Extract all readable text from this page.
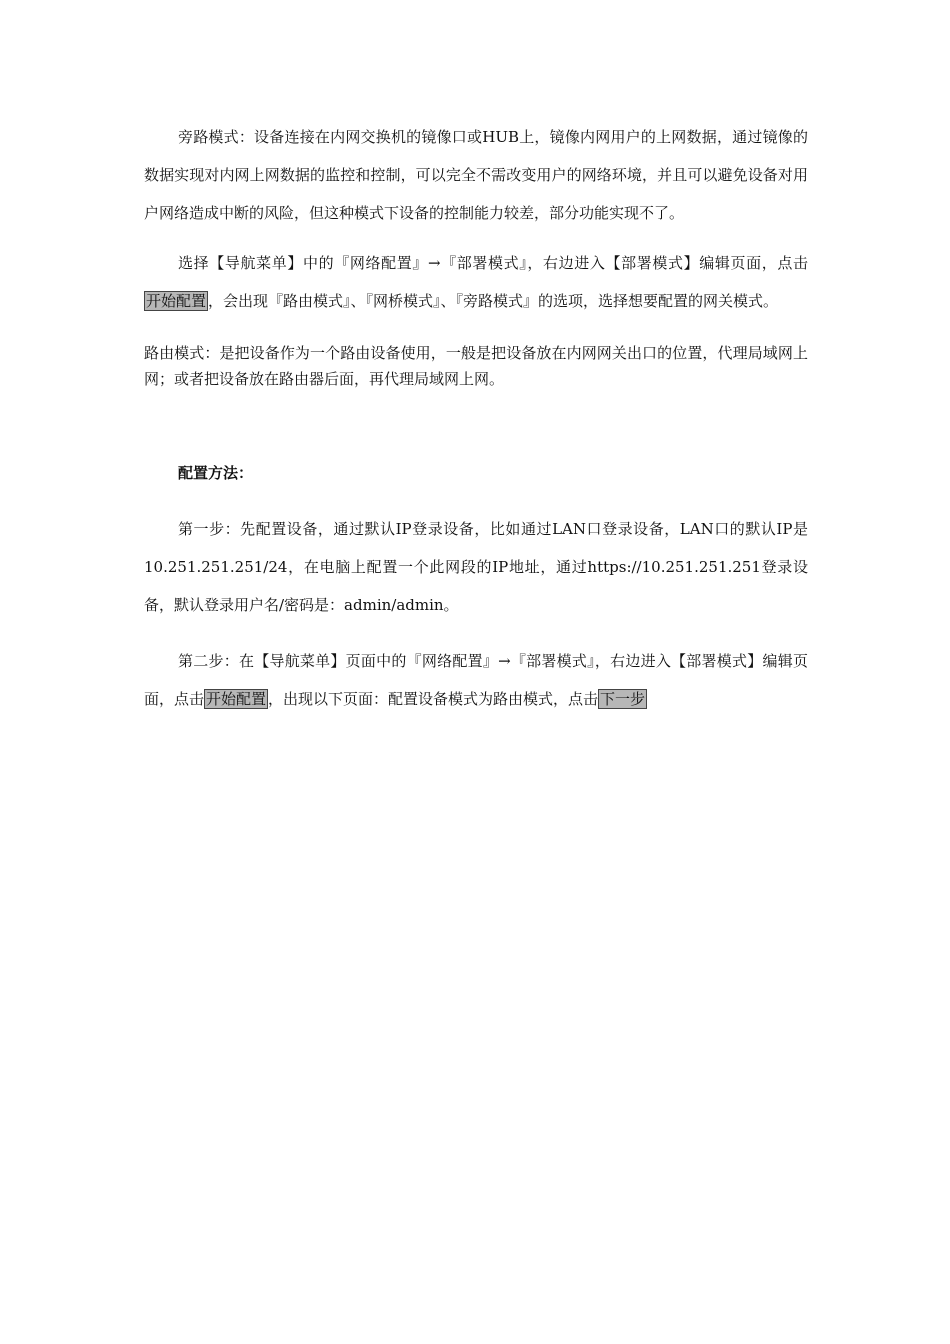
旁路模式：设备连接在内网交换机的镜像口或HUB上，镜像内网用户的上网数据，通过镜像的数据实现对内网上网数据的监控和控制，可以完全不需改变用户的网络环境，并且可以避免设备对用户网络造成中断的风险，但这种模式下设备的控制能力较差，部分功能实现不了。

选择【导航菜单】中的『网络配置』→『部署模式』，右边进入【部署模式】编辑页面，点击开始配置 ，会出现『路由模式』、『网桥模式』、『旁路模式』的选项，选择想要配置的网关模式。

路由模式：是把设备作为一个路由设备使用，一般是把设备放在内网网关出口的位置，代理局域网上网；或者把设备放在路由器后面，再代理局域网上网。

配置方法：

第一步：先配置设备，通过默认IP登录设备，比如通过LAN口登录设备，LAN口的默认IP是10.251.251.251/24，在电脑上配置一个此网段的IP地址，通过https://10.251.251.251登录设备，默认登录用户名/密码是：admin/admin。

第二步：在【导航菜单】页面中的『网络配置』→『部署模式』，右边进入【部署模式】编辑页面，点击 开始配置 ，出现以下页面：配置设备模式为路由模式，点击 下一步
